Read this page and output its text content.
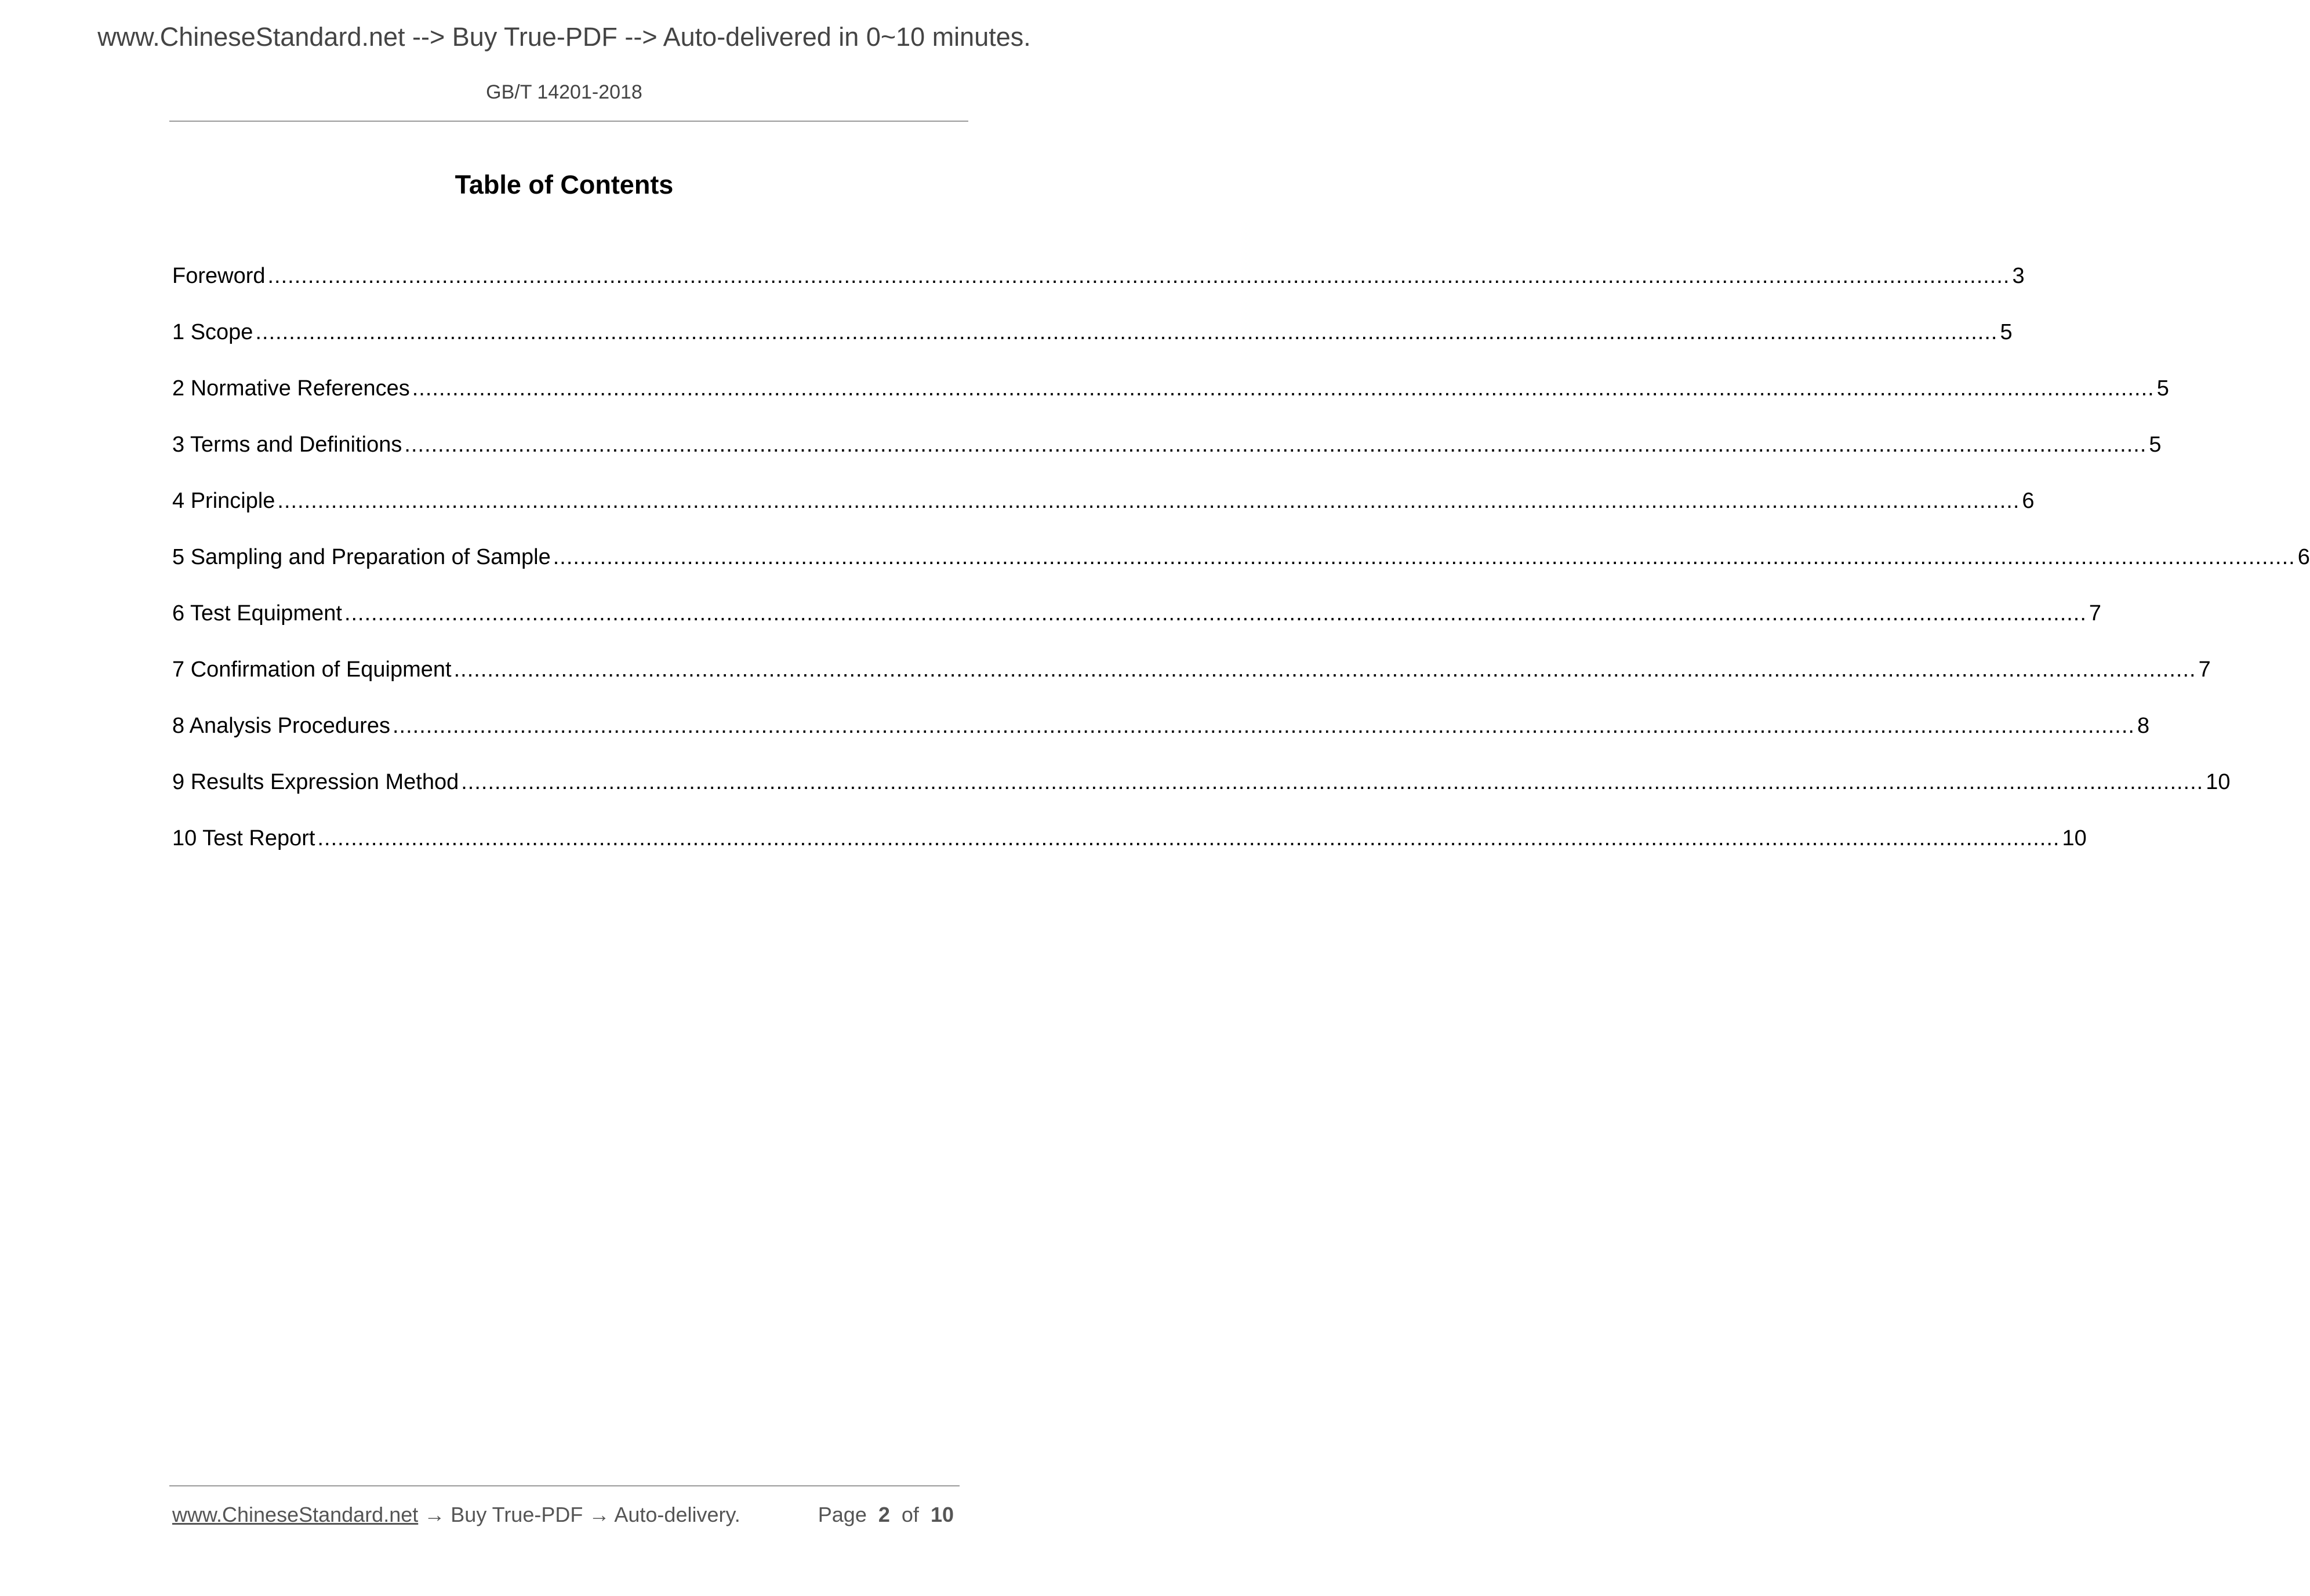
www.ChineseStandard.net --> Buy True-PDF --> Auto-delivered in 0~10 minutes.
GB/T 14201-2018
Table of Contents
Foreword .................................................................................................................................................................................................................................................................... 3
1 Scope .................................................................................................................................................................................................................................................................... 5
2 Normative References .................................................................................................................................................................................................................................................................... 5
3 Terms and Definitions .................................................................................................................................................................................................................................................................... 5
4 Principle .................................................................................................................................................................................................................................................................... 6
5 Sampling and Preparation of Sample .................................................................................................................................................................................................................................................................... 6
6 Test Equipment .................................................................................................................................................................................................................................................................... 7
7 Confirmation of Equipment .................................................................................................................................................................................................................................................................... 7
8 Analysis Procedures .................................................................................................................................................................................................................................................................... 8
9 Results Expression Method .................................................................................................................................................................................................................................................................... 10
10 Test Report .................................................................................................................................................................................................................................................................... 10
www.ChineseStandard.net → Buy True-PDF → Auto-delivery.	Page 2 of 10
